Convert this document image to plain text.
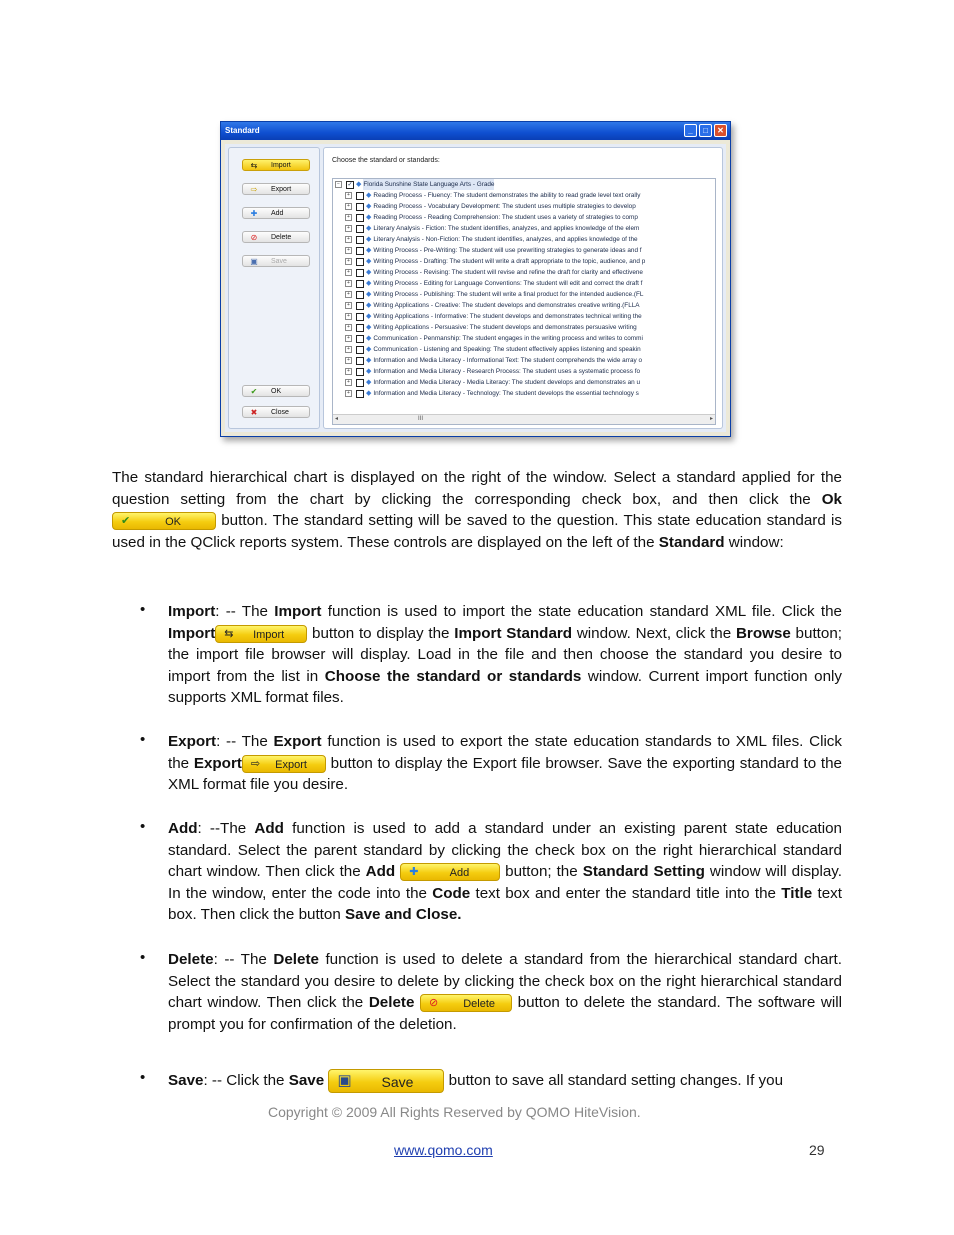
Standard	_	□	✕
⇆ Import
⇨ Export
✚ Add
⊘ Delete
▣ Save
✔ OK
✖ Close
Choose the standard or standards:
−	✓ ◆ Florida Sunshine State Language Arts - Grade
+ ◆ Reading Process - Fluency: The student demonstrates the ability to read grade level text orally
+ ◆ Reading Process - Vocabulary Development: The student uses multiple strategies to develop
+ ◆ Reading Process - Reading Comprehension: The student uses a variety of strategies to comp
+ ◆ Literary Analysis - Fiction: The student identifies, analyzes, and applies knowledge of the elem
+ ◆ Literary Analysis - Non-Fiction: The student identifies, analyzes, and applies knowledge of the
+ ◆ Writing Process - Pre-Writing: The student will use prewriting strategies to generate ideas and f
+ ◆ Writing Process - Drafting: The student will write a draft appropriate to the topic, audience, and p
+ ◆ Writing Process - Revising: The student will revise and refine the draft for clarity and effectivene
+ ◆ Writing Process - Editing for Language Conventions: The student will edit and correct the draft f
+ ◆ Writing Process - Publishing: The student will write a final product for the intended audience.(FL
+ ◆ Writing Applications - Creative: The student develops and demonstrates creative writing.(FLLA
+ ◆ Writing Applications - Informative: The student develops and demonstrates technical writing the
+ ◆ Writing Applications - Persuasive: The student develops and demonstrates persuasive writing
+ ◆ Communication - Penmanship: The student engages in the writing process and writes to commi
+ ◆ Communication - Listening and Speaking: The student effectively applies listening and speakin
+ ◆ Information and Media Literacy - Informational Text: The student comprehends the wide array o
+ ◆ Information and Media Literacy - Research Process: The student uses a systematic process fo
+ ◆ Information and Media Literacy - Media Literacy: The student develops and demonstrates an u
+ ◆ Information and Media Literacy - Technology: The student develops the essential technology s
◂	III	▸
The standard hierarchical chart is displayed on the right of the window. Select a standard applied for the question setting from the chart by clicking the corresponding check box, and then click the Ok
✔	OK button. The standard setting will be saved to the question. This state education standard is used in the QClick reports system. These controls are displayed on the left of the Standard window:
• Import: -- The Import function is used to import the state education standard XML file. Click the Import ⇆ Import button to display the Import Standard window. Next, click the Browse button; the import file browser will display. Load in the file and then choose the standard you desire to import from the list in Choose the standard or standards window. Current import function only supports XML format files.
• Export: -- The Export function is used to export the state education standards to XML files. Click the Export ⇨ Export button to display the Export file browser. Save the exporting standard to the XML format file you desire.
• Add: --The Add function is used to add a standard under an existing parent state education standard. Select the parent standard by clicking the check box on the right hierarchical standard chart window. Then click the Add ✚	Add button; the Standard Setting window will display. In the window, enter the code into the Code text box and enter the standard title into the Title text box. Then click the button Save and Close.
• Delete: -- The Delete function is used to delete a standard from the hierarchical standard chart. Select the standard you desire to delete by clicking the check box on the right hierarchical standard chart window. Then click the Delete ⊘ Delete button to delete the standard. The software will prompt you for confirmation of the deletion.
• Save: -- Click the Save ▣ Save button to save all standard setting changes. If you
Copyright © 2009 All Rights Reserved by QOMO HiteVision.
www.qomo.com	29
